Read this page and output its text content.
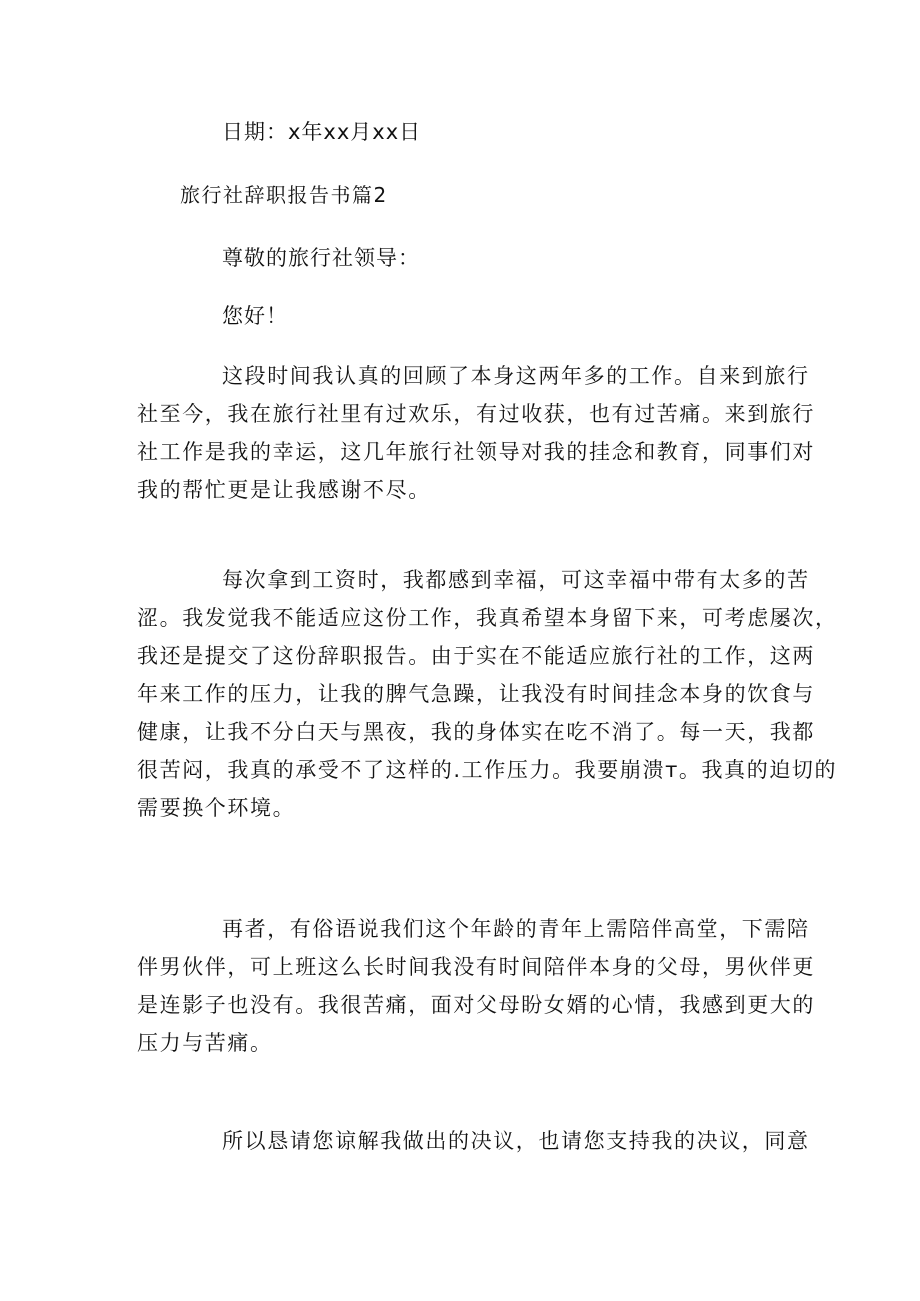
日期：x年xx月xx日
旅行社辞职报告书篇2
尊敬的旅行社领导：
您好！
这段时间我认真的回顾了本身这两年多的工作。自来到旅行
社至今，我在旅行社里有过欢乐，有过收获，也有过苦痛。来到旅行
社工作是我的幸运，这几年旅行社领导对我的挂念和教育，同事们对
我的帮忙更是让我感谢不尽。
每次拿到工资时，我都感到幸福，可这幸福中带有太多的苦
涩。我发觉我不能适应这份工作，我真希望本身留下来，可考虑屡次，
我还是提交了这份辞职报告。由于实在不能适应旅行社的工作，这两
年来工作的压力，让我的脾气急躁，让我没有时间挂念本身的饮食与
健康，让我不分白天与黑夜，我的身体实在吃不消了。每一天，我都
很苦闷，我真的承受不了这样的.工作压力。我要崩溃т。我真的迫切的
需要换个环境。
再者，有俗语说我们这个年龄的青年上需陪伴高堂，下需陪
伴男伙伴，可上班这么长时间我没有时间陪伴本身的父母，男伙伴更
是连影子也没有。我很苦痛，面对父母盼女婿的心情，我感到更大的
压力与苦痛。
所以恳请您谅解我做出的决议，也请您支持我的决议，同意
